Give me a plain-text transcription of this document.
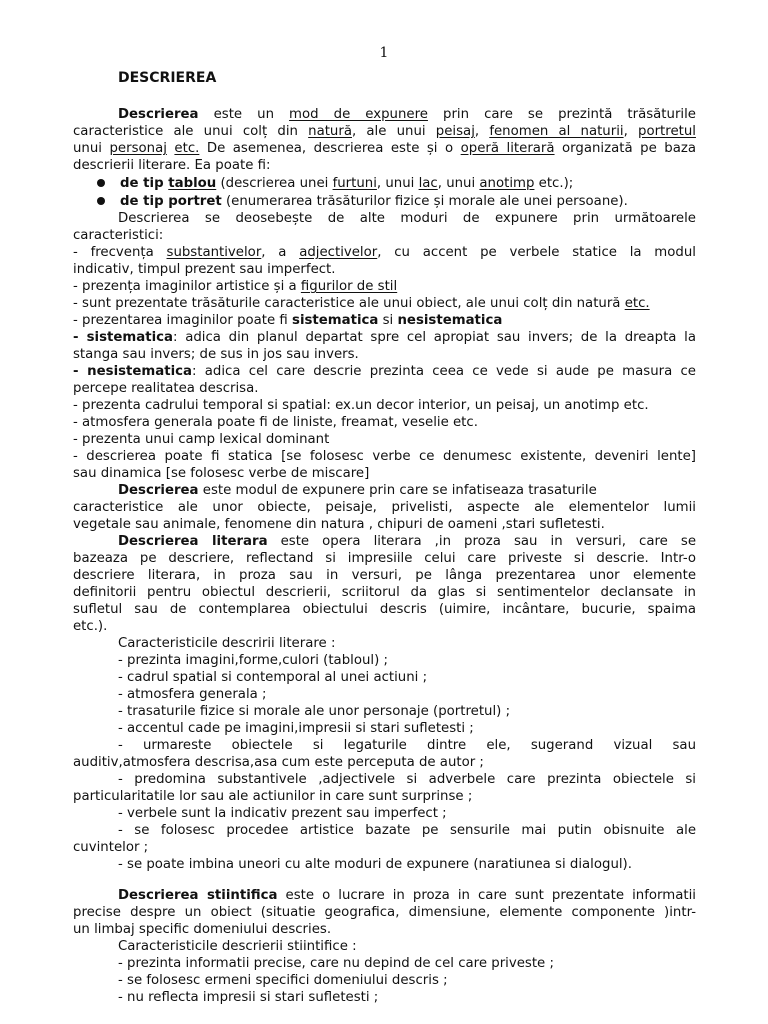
1
DESCRIEREA
Descrierea este un mod de expunere prin care se prezintă trăsăturile
caracteristice ale unui colț din natură, ale unui peisaj, fenomen al naturii, portretul
unui personaj etc. De asemenea, descrierea este și o operă literară organizată pe baza
descrierii literare. Ea poate fi:
de tip tablou (descrierea unei furtuni, unui lac, unui anotimp etc.);
de tip portret (enumerarea trăsăturilor fizice și morale ale unei persoane).
Descrierea se deosebește de alte moduri de expunere prin următoarele
caracteristici:
- frecvența substantivelor, a adjectivelor, cu accent pe verbele statice la modul
indicativ, timpul prezent sau imperfect.
- prezența imaginilor artistice și a figurilor de stil
- sunt prezentate trăsăturile caracteristice ale unui obiect, ale unui colț din natură etc.
- prezentarea imaginilor poate fi sistematica si nesistematica
- sistematica: adica din planul departat spre cel apropiat sau invers; de la dreapta la
stanga sau invers; de sus in jos sau invers.
- nesistematica: adica cel care descrie prezinta ceea ce vede si aude pe masura ce
percepe realitatea descrisa.
- prezenta cadrului temporal si spatial: ex.un decor interior, un peisaj, un anotimp etc.
- atmosfera generala poate fi de liniste, freamat, veselie etc.
- prezenta unui camp lexical dominant
- descrierea poate fi statica [se folosesc verbe ce denumesc existente, deveniri lente]
sau dinamica [se folosesc verbe de miscare]
Descrierea este modul de expunere prin care se infatiseaza trasaturile
caracteristice ale unor obiecte, peisaje, privelisti, aspecte ale elementelor lumii
vegetale sau animale, fenomene din natura , chipuri de oameni ,stari sufletesti.
Descrierea literara este opera literara ,in proza sau in versuri, care se
bazeaza pe descriere, reflectand si impresiile celui care priveste si descrie. Intr-o
descriere literara, in proza sau in versuri, pe lânga prezentarea unor elemente
definitorii pentru obiectul descrierii, scriitorul da glas si sentimentelor declansate in
sufletul sau de contemplarea obiectului descris (uimire, incântare, bucurie, spaima
etc.).
Caracteristicile descririi literare :
- prezinta imagini,forme,culori (tabloul) ;
- cadrul spatial si contemporal al unei actiuni ;
- atmosfera generala ;
- trasaturile fizice si morale ale unor personaje (portretul) ;
- accentul cade pe imagini,impresii si stari sufletesti ;
- urmareste obiectele si legaturile dintre ele, sugerand vizual sau
auditiv,atmosfera descrisa,asa cum este perceputa de autor ;
- predomina substantivele ,adjectivele si adverbele care prezinta obiectele si
particularitatile lor sau ale actiunilor in care sunt surprinse ;
- verbele sunt la indicativ prezent sau imperfect ;
- se folosesc procedee artistice bazate pe sensurile mai putin obisnuite ale
cuvintelor ;
- se poate imbina uneori cu alte moduri de expunere (naratiunea si dialogul).
Descrierea stiintifica este o lucrare in proza in care sunt prezentate informatii
precise despre un obiect (situatie geografica, dimensiune, elemente componente )intr-
un limbaj specific domeniului descries.
Caracteristicile descrierii stiintifice :
- prezinta informatii precise, care nu depind de cel care priveste ;
- se folosesc ermeni specifici domeniului descris ;
- nu reflecta impresii si stari sufletesti ;
